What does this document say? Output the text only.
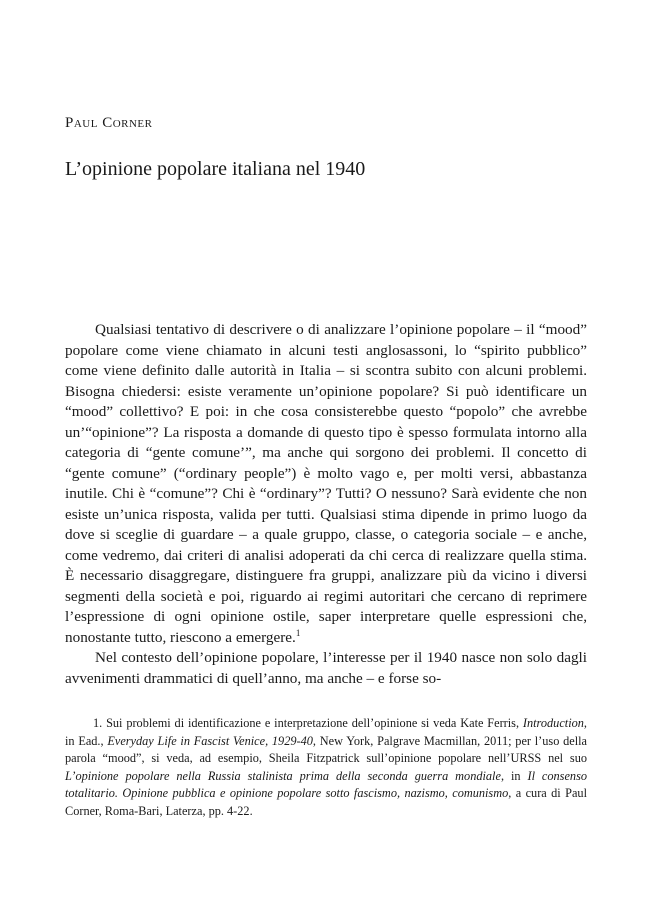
Paul Corner
L’opinione popolare italiana nel 1940

Qualsiasi tentativo di descrivere o di analizzare l’opinione popolare – il “mood” popolare come viene chiamato in alcuni testi anglosassoni, lo “spirito pubblico” come viene definito dalle autorità in Italia – si scontra subito con alcuni problemi. Bisogna chiedersi: esiste veramente un’opinione popolare? Si può identificare un “mood” collettivo? E poi: in che cosa consisterebbe questo “popolo” che avrebbe un’“opinione”? La risposta a domande di questo tipo è spesso formulata intorno alla categoria di “gente comune’”, ma anche qui sorgono dei problemi. Il concetto di “gente comune” (“ordinary people”) è molto vago e, per molti versi, abbastanza inutile. Chi è “comune”? Chi è “ordinary”? Tutti? O nessuno? Sarà evidente che non esiste un’unica risposta, valida per tutti. Qualsiasi stima dipende in primo luogo da dove si sceglie di guardare – a quale gruppo, classe, o categoria sociale – e anche, come vedremo, dai criteri di analisi adoperati da chi cerca di realizzare quella stima. È necessario disaggregare, distinguere fra gruppi, analizzare più da vicino i diversi segmenti della società e poi, riguardo ai regimi autoritari che cercano di reprimere l’espressione di ogni opinione ostile, saper interpretare quelle espressioni che, nonostante tutto, riescono a emergere.$^1$

Nel contesto dell’opinione popolare, l’interesse per il 1940 nasce non solo dagli avvenimenti drammatici di quell’anno, ma anche – e forse so-

1. Sui problemi di identificazione e interpretazione dell’opinione si veda Kate Ferris, Introduction, in Ead., Everyday Life in Fascist Venice, 1929-40, New York, Palgrave Macmillan, 2011; per l’uso della parola “mood”, si veda, ad esempio, Sheila Fitzpatrick sull’opinione popolare nell’URSS nel suo L’opinione popolare nella Russia stalinista prima della seconda guerra mondiale, in Il consenso totalitario. Opinione pubblica e opinione popolare sotto fascismo, nazismo, comunismo, a cura di Paul Corner, Roma-Bari, Laterza, pp. 4-22.
